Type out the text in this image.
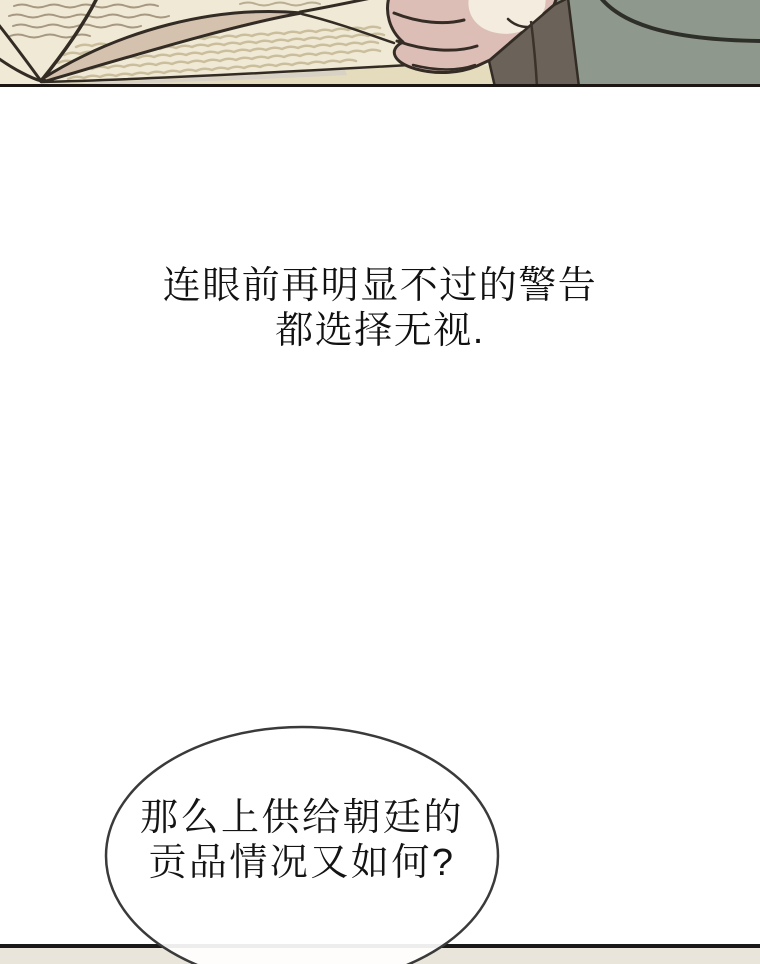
连眼前再明显不过的警告
都选择无视.
那么上供给朝廷的
贡品情况又如何?
